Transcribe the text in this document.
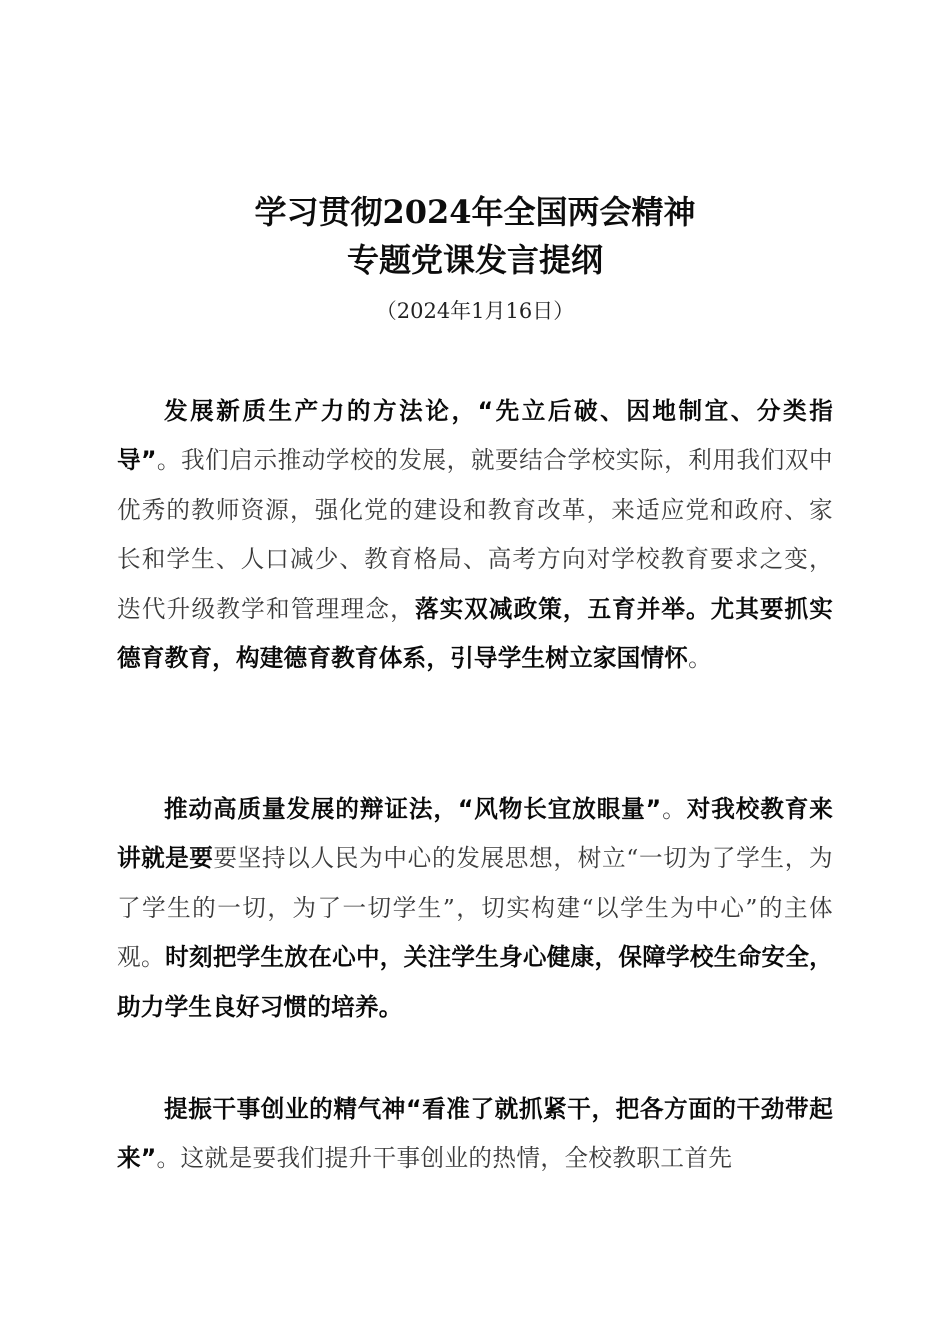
学习贯彻2024年全国两会精神
专题党课发言提纲
（2024年1月16日）

发展新质生产力的方法论，“先立后破、因地制宜、分类指导”。我们启示推动学校的发展，就要结合学校实际，利用我们双中优秀的教师资源，强化党的建设和教育改革，来适应党和政府、家长和学生、人口减少、教育格局、高考方向对学校教育要求之变，迭代升级教学和管理理念，落实双减政策，五育并举。尤其要抓实德育教育，构建德育教育体系，引导学生树立家国情怀。

推动高质量发展的辩证法，“风物长宜放眼量”。对我校教育来讲就是要要坚持以人民为中心的发展思想，树立“一切为了学生，为了学生的一切，为了一切学生”，切实构建“以学生为中心”的主体观。时刻把学生放在心中，关注学生身心健康，保障学校生命安全，助力学生良好习惯的培养。

提振干事创业的精气神“看准了就抓紧干，把各方面的干劲带起来”。这就是要我们提升干事创业的热情，全校教职工首先
